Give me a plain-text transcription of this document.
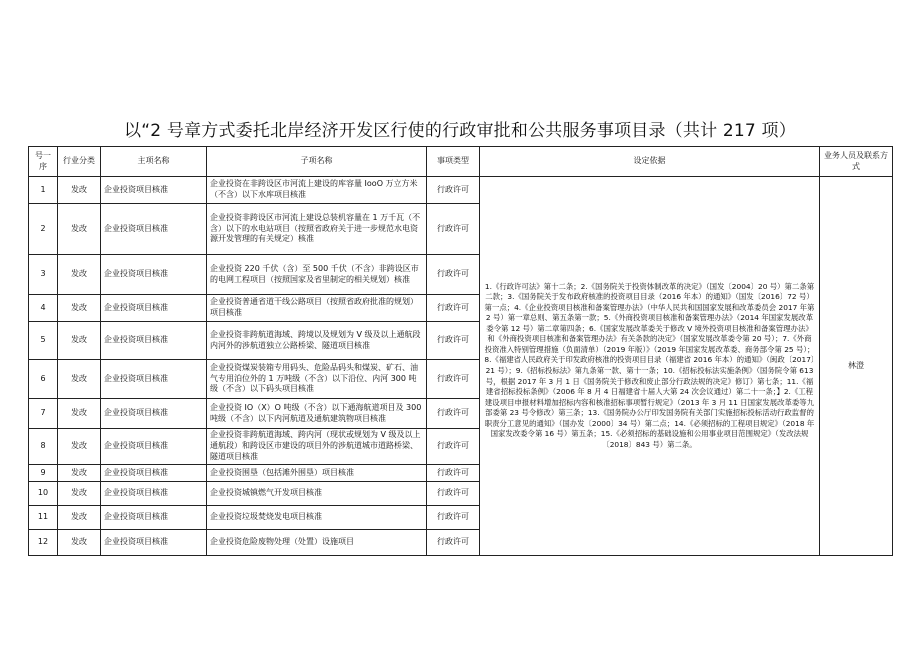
以“2 号章方式委托北岸经济开发区行使的行政审批和公共服务事项目录（共计 217 项）
号一
序	行业分类	主项名称	子项名称	事项类型	设定依据	业务人员及联系方式
1	发改	企业投资项目核准	企业投资在非跨设区市河流上建设的库容量 IooO 万立方米（不含）以下水库项目核准	行政许可	1.《行政许可法》第十二条；2.《国务院关于投资体制改革的决定》（国发〔2004〕20 号）第二条第二款；3.《国务院关于发布政府核准的投资项目目录（2016 年本）的通知》（国发〔2016〕72 号）第一点；4.《企业投资项目核准和备案管理办法》（中华人民共和国国家发展和改革委员会 2017 年第 2 号）第一章总则、第五条第一款；5.《外商投资项目核准和备案管理办法》（2014 年国家发展改革委令第 12 号）第二章第四条；6.《国家发展改革委关于修改 V 境外投资项目核准和备案管理办法》和《外商投资项目核准和备案管理办法》有关条款的决定》（国家发展改革委令第 20 号）；7.《外商投资准入特别管理措施（负面清单）（2019 年版）》（2019 年国家发展改革委、商务部令第 25 号）；8.《福建省人民政府关于印发政府核准的投资项目目录（福建省 2016 年本）的通知》（闽政〔2017〕21 号）；9.《招标投标法》第九条第一款、第十一条；10.《招标投标法实施条例》（国务院令第 613 号，根据 2017 年 3 月 1 日《国务院关于修改和废止部分行政法规的决定》修订）第七条；11.《福建省招标投标条例》（2006 年 8 月 4 日福建省十届人大第 24 次会议通过）第二十一条；】2.《工程建设项目申报材料增加招标内容和核准招标事项暂行规定》（2013 年 3 月 11 日国家发展改革委等九部委第 23 号令修改）第三条；13.《国务院办公厅印发国务院有关部门实施招标投标活动行政监督的职责分工意见的通知》（国办发〔2000〕34 号）第二点；14.《必须招标的工程项目规定》（2018 年国家发改委令第 16 号）第五条；15.《必须招标的基础设施和公用事业项目范围规定》（发改法规〔2018〕843 号）第二条。	林澄
2	发改	企业投资项目核准	企业投资非跨设区市河流上建设总装机容量在 1 万千瓦（不含）以下的水电站项目（按照省政府关于进一步规范水电资源开发管理的有关规定）核准	行政许可		
3	发改	企业投资项目核准	企业投资 220 千伏（含）至 500 千伏（不含）非跨设区市的电网工程项目（按照国家及省里制定的相关规划）核准	行政许可		
4	发改	企业投资项目核准	企业投资普通省道干线公路项目（按照省政府批准的规划）项目核准	行政许可		
5	发改	企业投资项目核准	企业投资非跨航道海域、跨境以及规划为 V 级及以上通航段内河外的涉航道独立公路桥梁、隧道项目核准	行政许可		
6	发改	企业投资项目核准	企业投资煤炭装箱专用码头、危险品码头和煤炭、矿石、油气专用泊位外的 1 万吨级（不含）以下沿位、内河 300 吨级（不含）以下码头项目核准	行政许可		
7	发改	企业投资项目核准	企业投资 IO（X）O 吨级（不含）以下通海航道项目及 300 吨级（不含）以下内河航道及通航建筑物项目核准	行政许可		
8	发改	企业投资项目核准	企业投资非跨航道海域、跨内河（现状或规划为 V 级及以上通航段）和跨设区市建设的项目外的涉航道城市道路桥梁、隧道项目核准	行政许可		
9	发改	企业投资项目核准	企业投资围垦（包括滩外围垦）项目核准	行政许可		
10	发改	企业投资项目核准	企业投资城镇燃气开发项目核准	行政许可		
11	发改	企业投资项目核准	企业投资垃圾焚烧发电项目核准	行政许可		
12	发改	企业投资项目核准	企业投资危险废物处理（处置）设施项目	行政许可		
